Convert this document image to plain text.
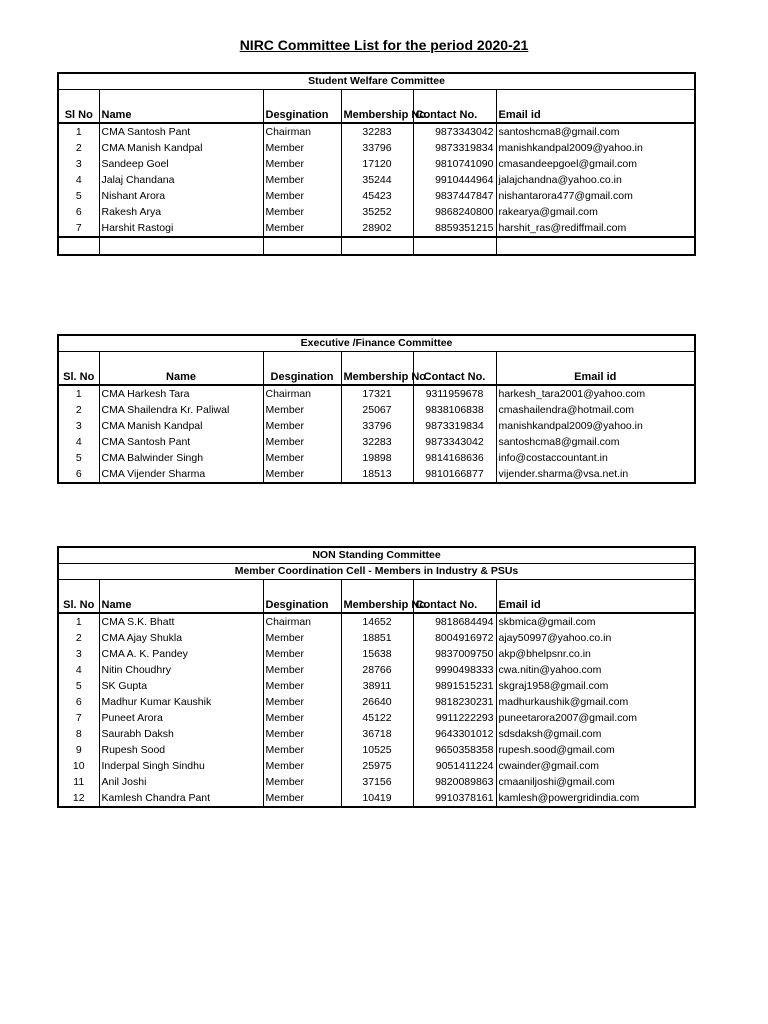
NIRC Committee List for the period 2020-21
Student Welfare Committee					
Sl No	Name	Desgination	Membership No.	Contact No.	Email id
1	CMA Santosh Pant	Chairman	32283	9873343042	santoshcma8@gmail.com
2	CMA Manish Kandpal	Member	33796	9873319834	manishkandpal2009@yahoo.in
3	Sandeep Goel	Member	17120	9810741090	cmasandeepgoel@gmail.com
4	Jalaj Chandana	Member	35244	9910444964	jalajchandna@yahoo.co.in
5	Nishant Arora	Member	45423	9837447847	nishantarora477@gmail.com
6	Rakesh Arya	Member	35252	9868240800	rakearya@gmail.com
7	Harshit Rastogi	Member	28902	8859351215	harshit_ras@rediffmail.com

Executive /Finance Committee					
Sl. No	Name	Desgination	Membership No.	Contact No.	Email id
1	CMA Harkesh Tara	Chairman	17321	9311959678	harkesh_tara2001@yahoo.com
2	CMA Shailendra Kr. Paliwal	Member	25067	9838106838	cmashailendra@hotmail.com
3	CMA Manish Kandpal	Member	33796	9873319834	manishkandpal2009@yahoo.in
4	CMA Santosh Pant	Member	32283	9873343042	santoshcma8@gmail.com
5	CMA Balwinder Singh	Member	19898	9814168636	info@costaccountant.in
6	CMA Vijender Sharma	Member	18513	9810166877	vijender.sharma@vsa.net.in
NON Standing Committee					
Member Coordination Cell - Members in Industry & PSUs					
Sl. No	Name	Desgination	Membership No.	Contact No.	Email id
1	CMA S.K. Bhatt	Chairman	14652	9818684494	skbmica@gmail.com
2	CMA Ajay Shukla	Member	18851	8004916972	ajay50997@yahoo.co.in
3	CMA A. K. Pandey	Member	15638	9837009750	akp@bhelpsnr.co.in
4	Nitin Choudhry	Member	28766	9990498333	cwa.nitin@yahoo.com
5	SK Gupta	Member	38911	9891515231	skgraj1958@gmail.com
6	Madhur Kumar Kaushik	Member	26640	9818230231	madhurkaushik@gmail.com
7	Puneet Arora	Member	45122	9911222293	puneetarora2007@gmail.com
8	Saurabh Daksh	Member	36718	9643301012	sdsdaksh@gmail.com
9	Rupesh Sood	Member	10525	9650358358	rupesh.sood@gmail.com
10	Inderpal Singh Sindhu	Member	25975	9051411224	cwainder@gmail.com
11	Anil Joshi	Member	37156	9820089863	cmaaniljoshi@gmail.com
12	Kamlesh Chandra Pant	Member	10419	9910378161	kamlesh@powergridindia.com
